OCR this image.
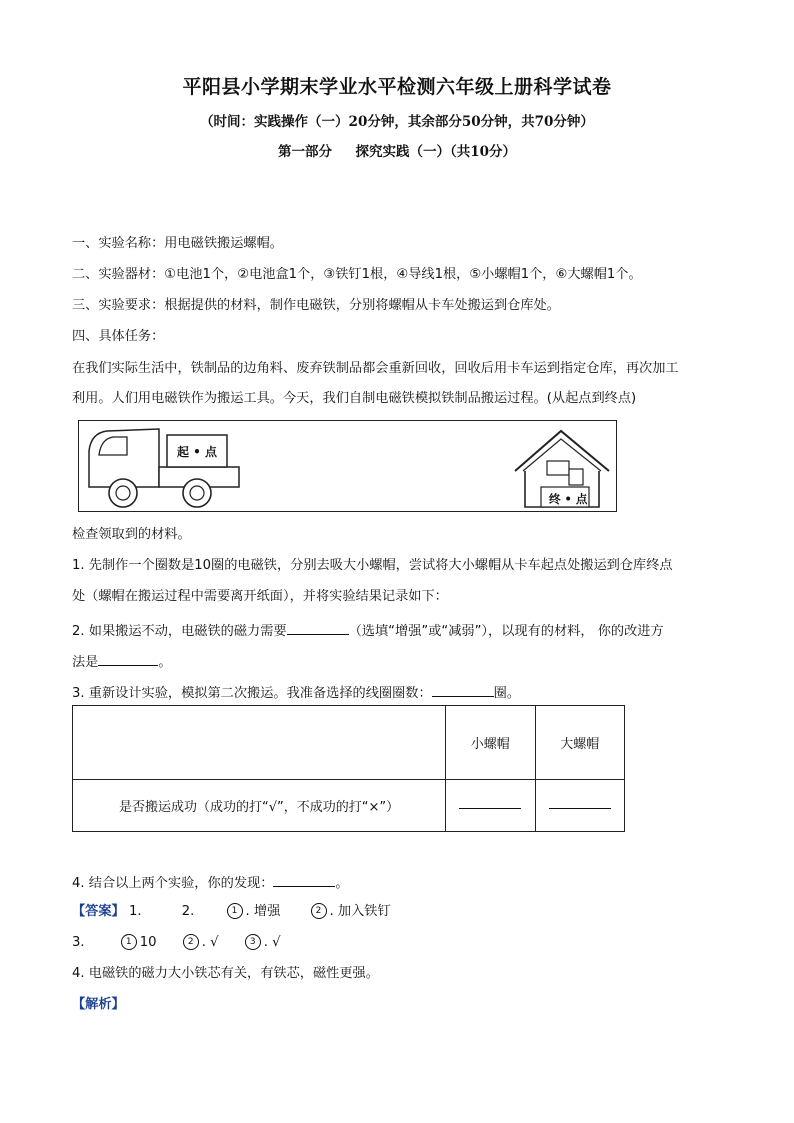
平阳县小学期末学业水平检测六年级上册科学试卷
（时间：实践操作（一）20分钟，其余部分50分钟，共70分钟）
第一部分     探究实践（一）（共10分）
一、实验名称：用电磁铁搬运螺帽。
二、实验器材：①电池1个，②电池盒1个，③铁钉1根，④导线1根，⑤小螺帽1个，⑥大螺帽1个。
三、实验要求：根据提供的材料，制作电磁铁，分别将螺帽从卡车处搬运到仓库处。
四、具体任务：
在我们实际生活中，铁制品的边角料、废弃铁制品都会重新回收，回收后用卡车运到指定仓库，再次加工
利用。人们用电磁铁作为搬运工具。今天，我们自制电磁铁模拟铁制品搬运过程。(从起点到终点)
起 • 点
终 • 点
检查领取到的材料。
1. 先制作一个圈数是10圈的电磁铁，分别去吸大小螺帽，尝试将大小螺帽从卡车起点处搬运到仓库终点
处（螺帽在搬运过程中需要离开纸面），并将实验结果记录如下：
2. 如果搬运不动，电磁铁的磁力需要	（选填“增强”或“减弱”），以现有的材料， 你的改进方
法是	。
3. 重新设计实验，模拟第二次搬运。我准备选择的线圈圈数：	圈。
	小螺帽	大螺帽
是否搬运成功（成功的打“√”，不成功的打“×”）		
4. 结合以上两个实验，你的发现：	。
【答案】 1.	2.	1 . 增强	2 . 加入铁钉
3.	1 10	2 . √	3 . √
4. 电磁铁的磁力大小铁芯有关，有铁芯，磁性更强。
【解析】
